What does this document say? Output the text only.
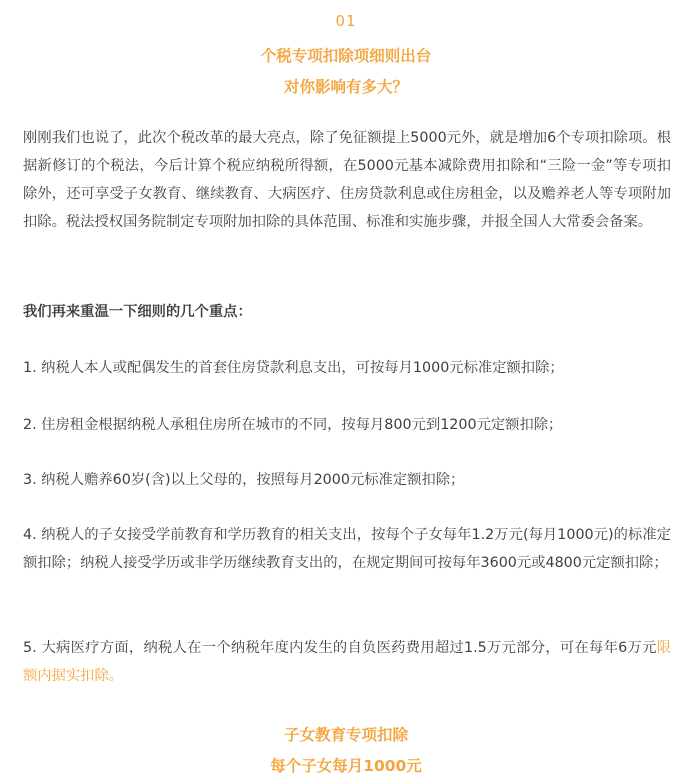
01
个税专项扣除项细则出台
对你影响有多大？
刚刚我们也说了，此次个税改革的最大亮点，除了免征额提上5000元外，就是增加6个专项扣除项。根据新修订的个税法，今后计算个税应纳税所得额，在5000元基本减除费用扣除和“三险一金”等专项扣除外，还可享受子女教育、继续教育、大病医疗、住房贷款利息或住房租金，以及赡养老人等专项附加扣除。税法授权国务院制定专项附加扣除的具体范围、标准和实施步骤，并报全国人大常委会备案。
我们再来重温一下细则的几个重点：
1. 纳税人本人或配偶发生的首套住房贷款利息支出，可按每月1000元标准定额扣除；
2. 住房租金根据纳税人承租住房所在城市的不同，按每月800元到1200元定额扣除；
3. 纳税人赡养60岁(含)以上父母的，按照每月2000元标准定额扣除；
4. 纳税人的子女接受学前教育和学历教育的相关支出，按每个子女每年1.2万元(每月1000元)的标准定额扣除；纳税人接受学历或非学历继续教育支出的，在规定期间可按每年3600元或4800元定额扣除；
5. 大病医疗方面，纳税人在一个纳税年度内发生的自负医药费用超过1.5万元部分，可在每年6万元限额内据实扣除。
子女教育专项扣除
每个子女每月1000元
